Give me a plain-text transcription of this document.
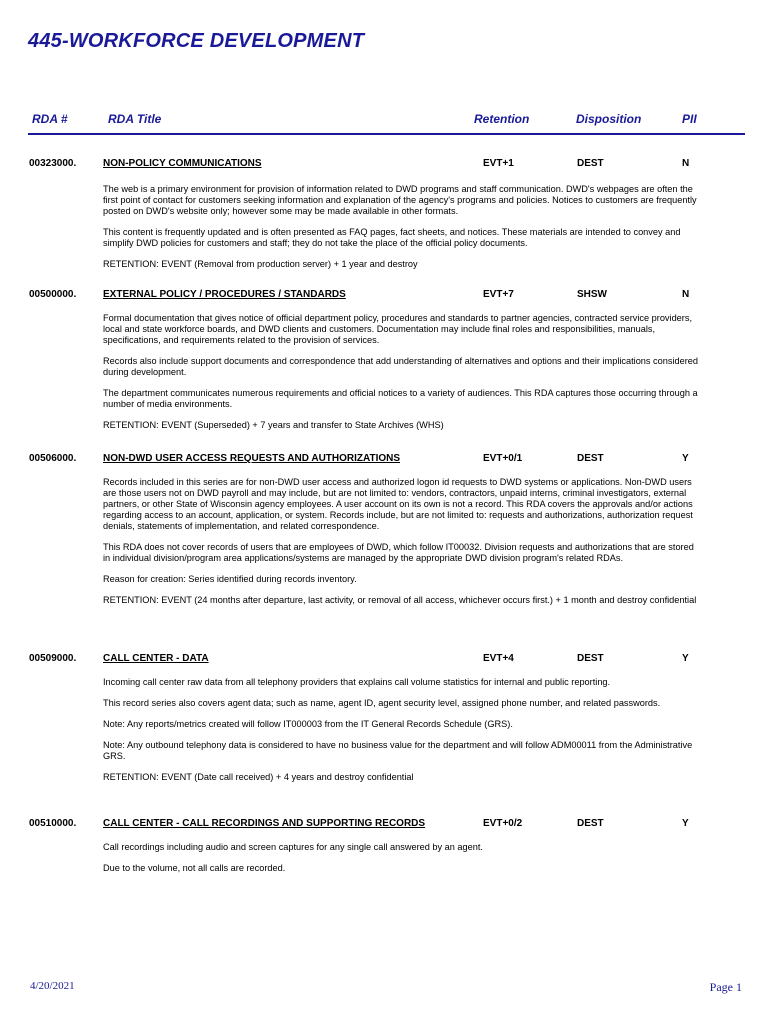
445-WORKFORCE DEVELOPMENT
RDA #	RDA Title	Retention	Disposition	PII
00323000.	NON-POLICY COMMUNICATIONS	EVT+1	DEST	N

The web is a primary environment for provision of information related to DWD programs and staff communication. DWD's webpages are often the first point of contact for customers seeking information and explanation of the agency's programs and policies. Notices to customers are frequently posted on DWD's website only; however some may be made available in other formats.

This content is frequently updated and is often presented as FAQ pages, fact sheets, and notices. These materials are intended to convey and simplify DWD policies for customers and staff; they do not take the place of the official policy documents.

RETENTION: EVENT (Removal from production server) + 1 year and destroy

00500000.	EXTERNAL POLICY / PROCEDURES / STANDARDS	EVT+7	SHSW	N

Formal documentation that gives notice of official department policy, procedures and standards to partner agencies, contracted service providers, local and state workforce boards, and DWD clients and customers. Documentation may include final roles and responsibilities, manuals, specifications, and requirements related to the provision of services.

Records also include support documents and correspondence that add understanding of alternatives and options and their implications considered during development.

The department communicates numerous requirements and official notices to a variety of audiences. This RDA captures those occurring through a number of media environments.

RETENTION: EVENT (Superseded) + 7 years and transfer to State Archives (WHS)

00506000.	NON-DWD USER ACCESS REQUESTS AND AUTHORIZATIONS	EVT+0/1	DEST	Y

Records included in this series are for non-DWD user access and authorized logon id requests to DWD systems or applications. Non-DWD users are those users not on DWD payroll and may include, but are not limited to: vendors, contractors, unpaid interns, criminal investigators, external partners, or other State of Wisconsin agency employees. A user account on its own is not a record. This RDA covers the approvals and/or actions regarding access to an account, application, or system. Records include, but are not limited to: requests and authorizations, authorization request denials, statements of implementation, and related correspondence.

This RDA does not cover records of users that are employees of DWD, which follow IT00032. Division requests and authorizations that are stored in individual division/program area applications/systems are managed by the appropriate DWD division program's related RDAs.

Reason for creation: Series identified during records inventory.

RETENTION: EVENT (24 months after departure, last activity, or removal of all access, whichever occurs first.) + 1 month and destroy confidential

00509000.	CALL CENTER - DATA	EVT+4	DEST	Y

Incoming call center raw data from all telephony providers that explains call volume statistics for internal and public reporting.

This record series also covers agent data; such as name, agent ID, agent security level, assigned phone number, and related passwords.

Note: Any reports/metrics created will follow IT000003 from the IT General Records Schedule (GRS).

Note: Any outbound telephony data is considered to have no business value for the department and will follow ADM00011 from the Administrative GRS.

RETENTION: EVENT (Date call received) + 4 years and destroy confidential

00510000.	CALL CENTER - CALL RECORDINGS AND SUPPORTING RECORDS	EVT+0/2	DEST	Y

Call recordings including audio and screen captures for any single call answered by an agent.

Due to the volume, not all calls are recorded.

4/20/2021	Page 1
